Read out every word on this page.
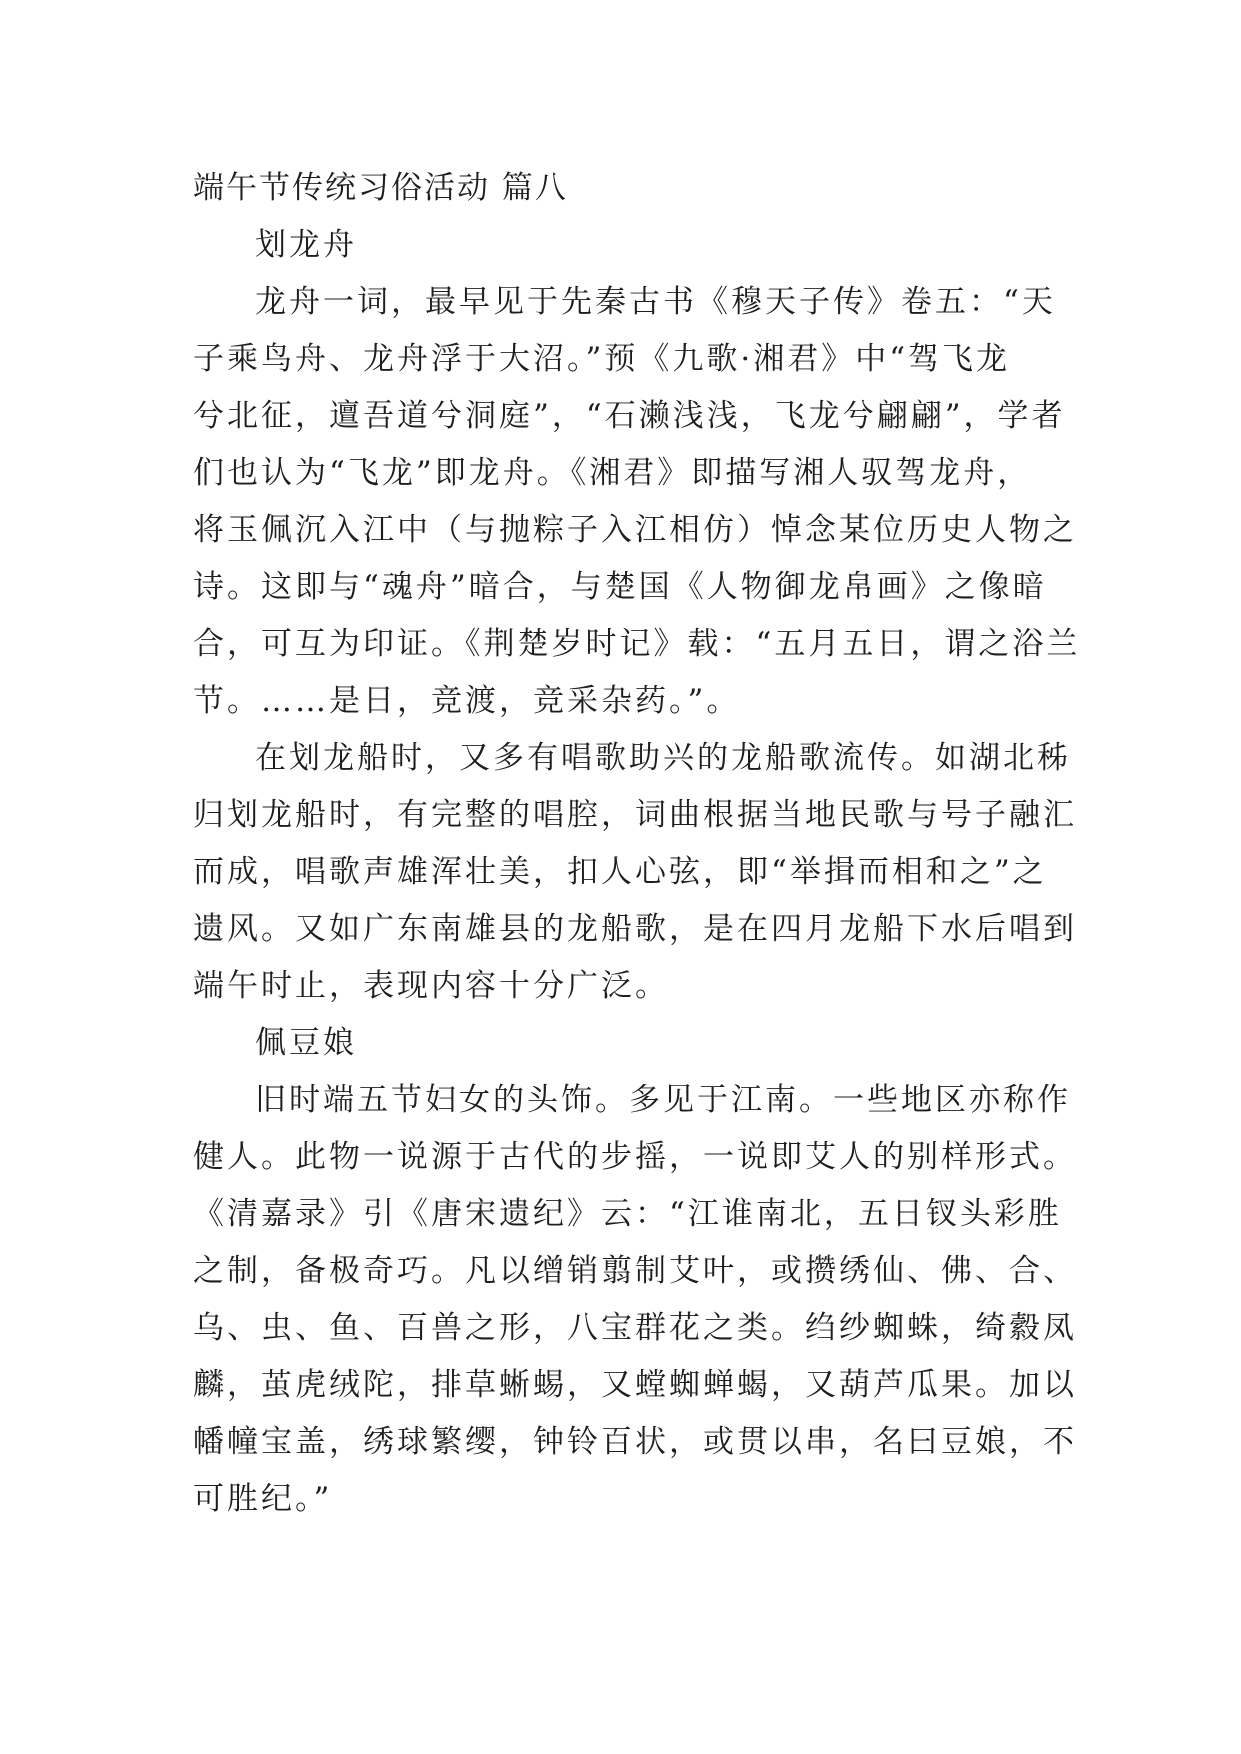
端午节传统习俗活动 篇八
划龙舟
龙舟一词，最早见于先秦古书《穆天子传》卷五：“天
子乘鸟舟、龙舟浮于大沼。”预《九歌·湘君》中“驾飞龙
兮北征，邅吾道兮洞庭”，“石濑浅浅，飞龙兮翩翩”，学者
们也认为“飞龙”即龙舟。《湘君》即描写湘人驭驾龙舟，
将玉佩沉入江中（与抛粽子入江相仿）悼念某位历史人物之
诗。这即与“魂舟”暗合，与楚国《人物御龙帛画》之像暗
合，可互为印证。《荆楚岁时记》载：“五月五日，谓之浴兰
节。……是日，竞渡，竞采杂药。”。
在划龙船时，又多有唱歌助兴的龙船歌流传。如湖北秭
归划龙船时，有完整的唱腔，词曲根据当地民歌与号子融汇
而成，唱歌声雄浑壮美，扣人心弦，即“举揖而相和之”之
遗风。又如广东南雄县的龙船歌，是在四月龙船下水后唱到
端午时止，表现内容十分广泛。
佩豆娘
旧时端五节妇女的头饰。多见于江南。一些地区亦称作
健人。此物一说源于古代的步摇，一说即艾人的别样形式。
《清嘉录》引《唐宋遗纪》云：“江谁南北，五日钗头彩胜
之制，备极奇巧。凡以缯销翦制艾叶，或攒绣仙、佛、合、
乌、虫、鱼、百兽之形，八宝群花之类。绉纱蜘蛛，绮縠凤
麟，茧虎绒陀，排草蜥蜴，又螳蜘蝉蝎，又葫芦瓜果。加以
幡幢宝盖，绣球繁缨，钟铃百状，或贯以串，名曰豆娘，不
可胜纪。”
